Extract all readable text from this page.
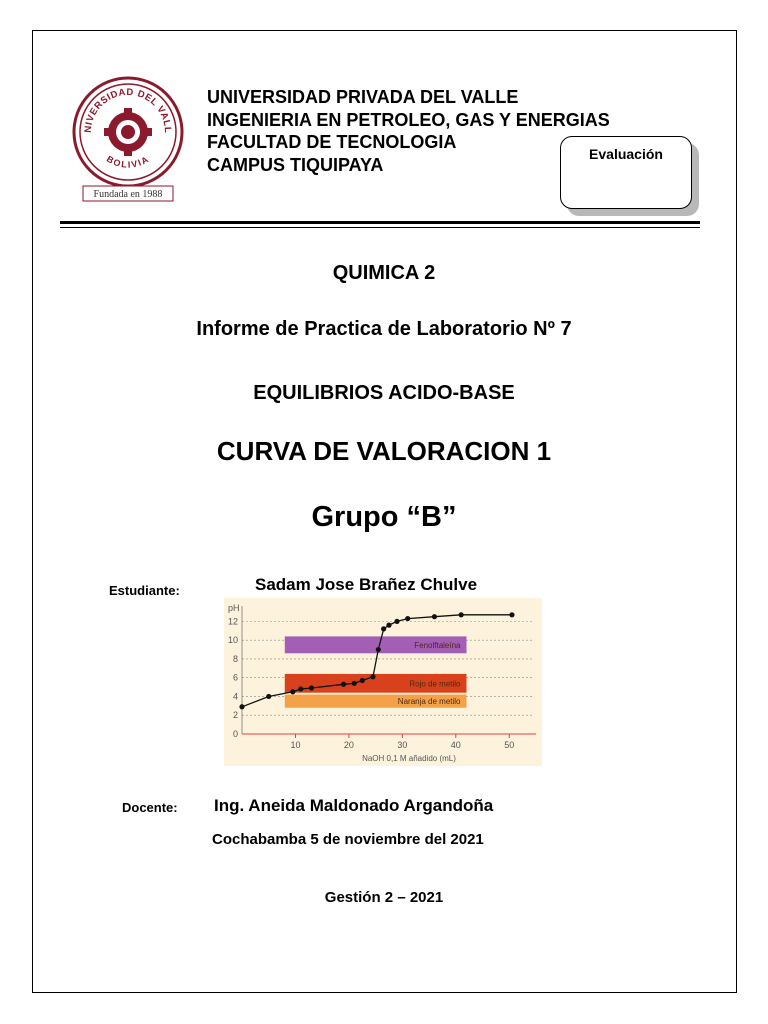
NIVERSIDAD DEL VALL
BOLIVIA
Fundada en 1988
UNIVERSIDAD PRIVADA DEL VALLE
INGENIERIA EN PETROLEO, GAS Y ENERGIAS
FACULTAD DE TECNOLOGIA
CAMPUS TIQUIPAYA
Evaluación
QUIMICA 2
Informe de Practica de Laboratorio Nº 7
EQUILIBRIOS ACIDO-BASE
CURVA DE VALORACION 1
Grupo “B”
Estudiante:	Sadam Jose Brañez Chulve
Fenolftaleína
Rojo de metilo
Naranja de metilo
0
2
4
6
8
10
12
10	20	30	40	50
pH
NaOH 0,1 M añadido (mL)
Docente: Ing. Aneida Maldonado Argandoña
Cochabamba 5 de noviembre del 2021
Gestión 2 – 2021
